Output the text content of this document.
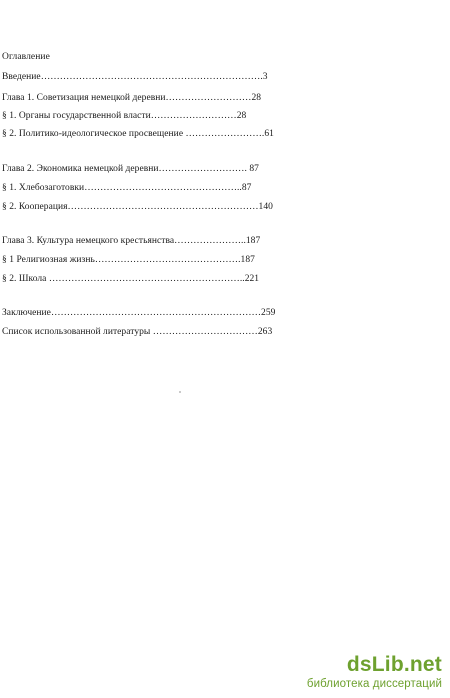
Оглавление
Введение…………………………………………………………….3
Глава 1. Советизация немецкой деревни………………………28
§ 1. Органы государственной власти………………………28
§ 2. Политико-идеологическое просвещение …………………….61
Глава 2. Экономика немецкой деревни………………………. 87
§ 1. Хлебозаготовки…………………………………………..87
§ 2. Кооперация……………………………………………………140
Глава 3. Культура немецкого крестьянства…………………..187
§ 1 Религиозная жизнь……………………………………….187
§ 2. Школа ……………………………………………………..221
Заключение…………………………………………………………259
Список использованной литературы ……………………………263
dsLib.net
библиотека диссертаций
